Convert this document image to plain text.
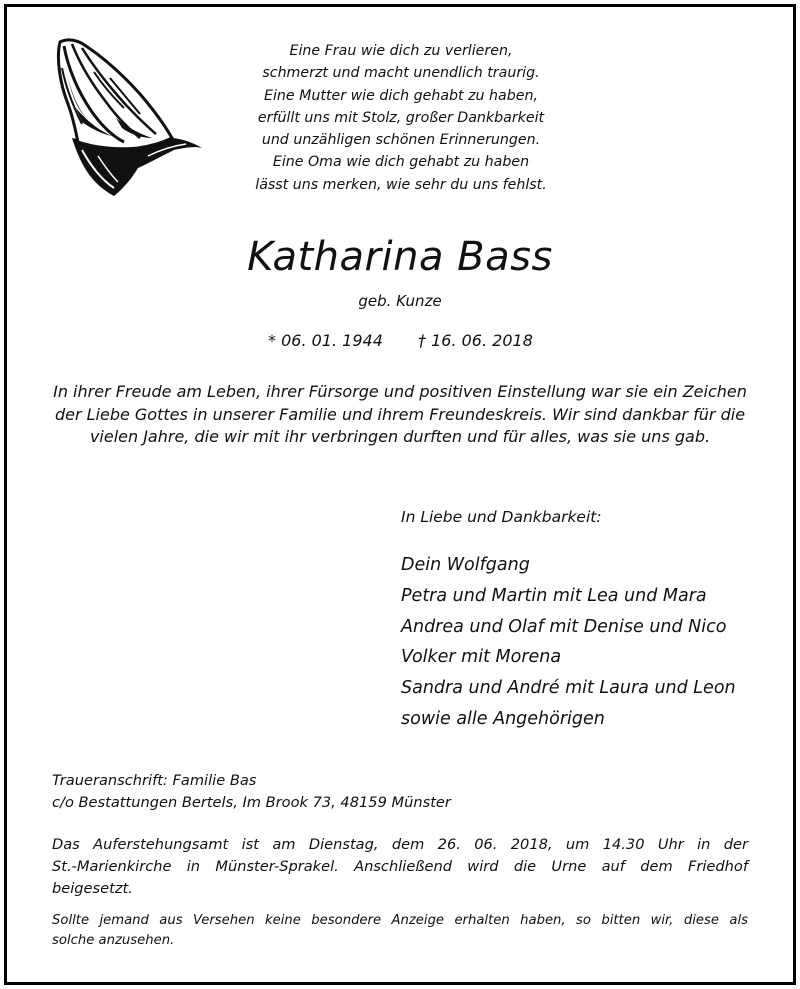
Eine Frau wie dich zu verlieren,
schmerzt und macht unendlich traurig.
Eine Mutter wie dich gehabt zu haben,
erfüllt uns mit Stolz, großer Dankbarkeit
und unzähligen schönen Erinnerungen.
Eine Oma wie dich gehabt zu haben
lässt uns merken, wie sehr du uns fehlst.
Katharina Bass
geb. Kunze
* 06. 01. 1944 † 16. 06. 2018
In ihrer Freude am Leben, ihrer Fürsorge und positiven Einstellung war sie ein Zeichen
der Liebe Gottes in unserer Familie und ihrem Freundeskreis. Wir sind dankbar für die
vielen Jahre, die wir mit ihr verbringen durften und für alles, was sie uns gab.
In Liebe und Dankbarkeit:
Dein Wolfgang
Petra und Martin mit Lea und Mara
Andrea und Olaf mit Denise und Nico
Volker mit Morena
Sandra und André mit Laura und Leon
sowie alle Angehörigen
Traueranschrift: Familie Bas
c/o Bestattungen Bertels, Im Brook 73, 48159 Münster
Das Auferstehungsamt ist am Dienstag, dem 26. 06. 2018, um 14.30 Uhr in der
St.-Marienkirche in Münster-Sprakel. Anschließend wird die Urne auf dem Friedhof
beigesetzt.
Sollte jemand aus Versehen keine besondere Anzeige erhalten haben, so bitten wir, diese als
solche anzusehen.
